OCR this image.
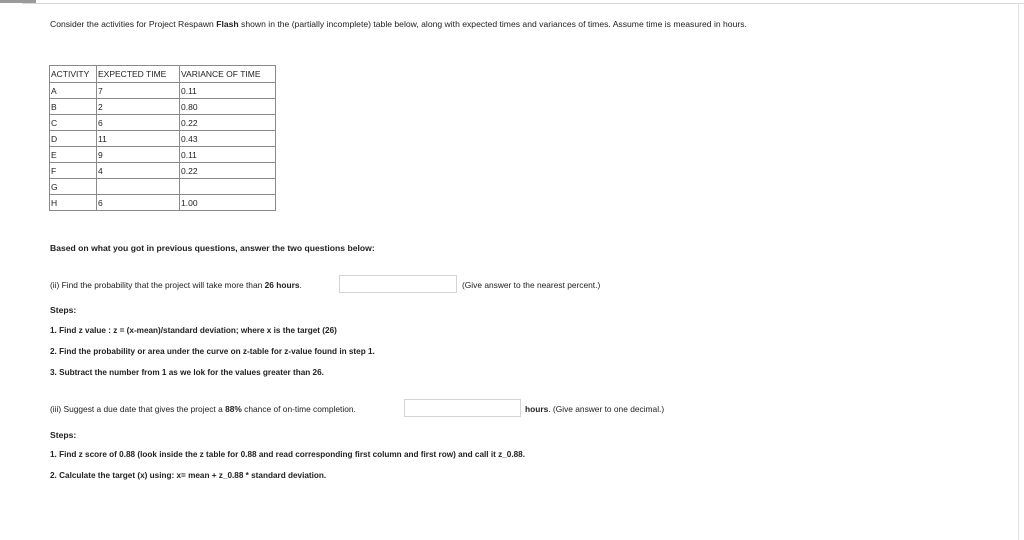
Consider the activities for Project Respawn Flash shown in the (partially incomplete) table below, along with expected times and variances of times. Assume time is measured in hours.
ACTIVITY	EXPECTED TIME	VARIANCE OF TIME
A	7	0.11
B	2	0.80
C	6	0.22
D	11	0.43
E	9	0.11
F	4	0.22
G		
H	6	1.00
Based on what you got in previous questions, answer the two questions below:
(ii) Find the probability that the project will take more than 26 hours.	(Give answer to the nearest percent.)
Steps:
1. Find z value : z = (x-mean)/standard deviation; where x is the target (26)
2. Find the probability or area under the curve on z-table for z-value found in step 1.
3. Subtract the number from 1 as we lok for the values greater than 26.
(iii) Suggest a due date that gives the project a 88% chance of on-time completion.	hours. (Give answer to one decimal.)
Steps:
1. Find z score of 0.88 (look inside the z table for 0.88 and read corresponding first column and first row) and call it z_0.88.
2. Calculate the target (x) using: x= mean + z_0.88 * standard deviation.
